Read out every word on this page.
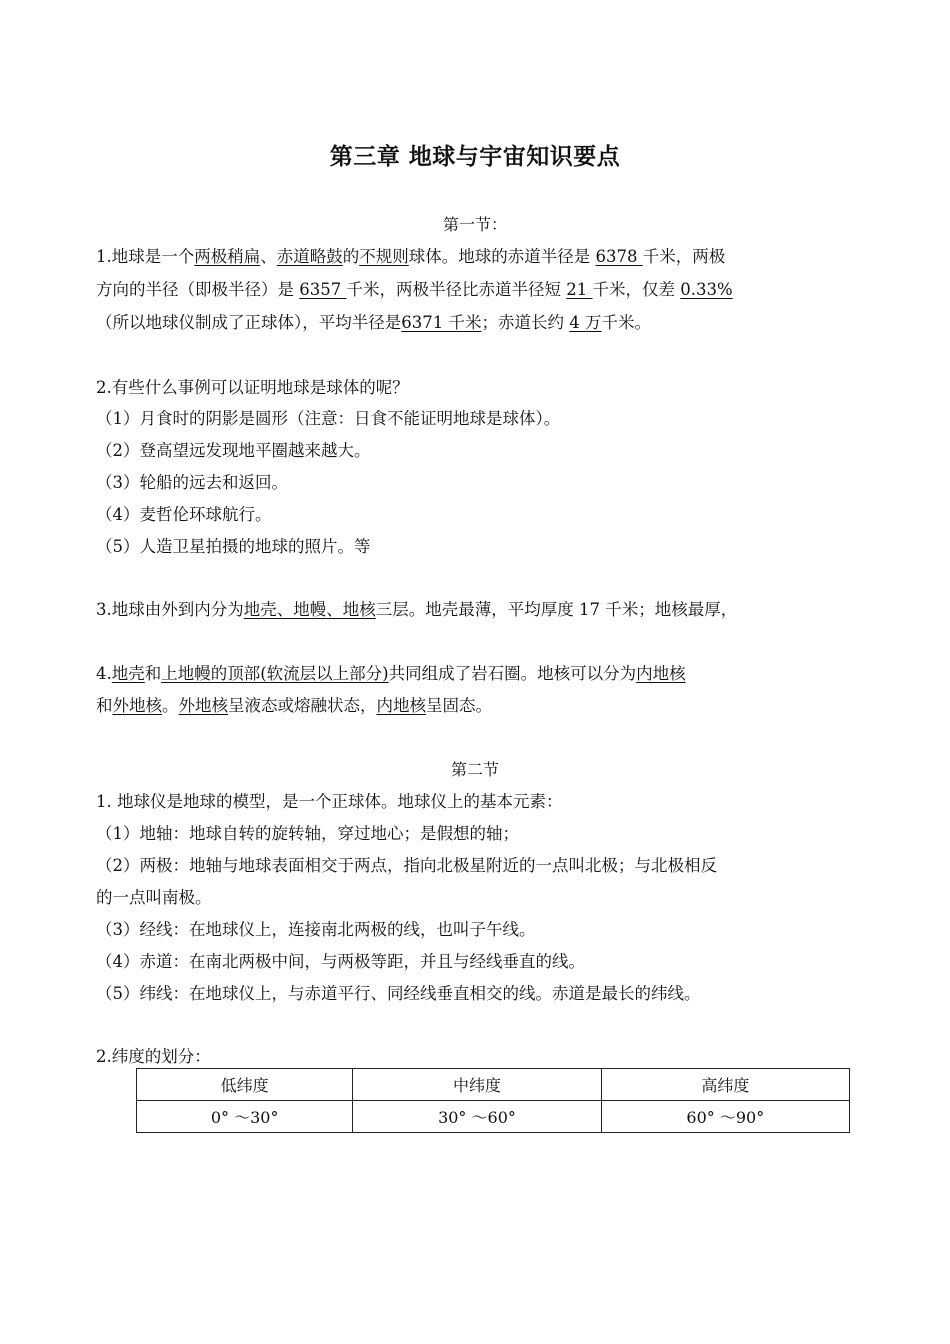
第三章 地球与宇宙知识要点
第一节：
1.地球是一个两极稍扁、赤道略鼓的不规则球体。地球的赤道半径是 6378 千米，两极
方向的半径（即极半径）是 6357 千米，两极半径比赤道半径短 21 千米，仅差 0.33%
（所以地球仪制成了正球体），平均半径是6371 千米；赤道长约 4 万千米。
2.有些什么事例可以证明地球是球体的呢？
（1）月食时的阴影是圆形（注意：日食不能证明地球是球体）。
（2）登高望远发现地平圈越来越大。
（3）轮船的远去和返回。
（4）麦哲伦环球航行。
（5）人造卫星拍摄的地球的照片。等
3.地球由外到内分为地壳、地幔、地核三层。地壳最薄，平均厚度 17 千米；地核最厚，
4.地壳和上地幔的顶部(软流层以上部分)共同组成了岩石圈。地核可以分为内地核
和外地核。外地核呈液态或熔融状态，内地核呈固态。
第二节
1. 地球仪是地球的模型，是一个正球体。地球仪上的基本元素：
（1）地轴：地球自转的旋转轴，穿过地心；是假想的轴；
（2）两极：地轴与地球表面相交于两点，指向北极星附近的一点叫北极；与北极相反
的一点叫南极。
（3）经线：在地球仪上，连接南北两极的线，也叫子午线。
（4）赤道：在南北两极中间，与两极等距，并且与经线垂直的线。
（5）纬线：在地球仪上，与赤道平行、同经线垂直相交的线。赤道是最长的纬线。
2.纬度的划分：
低纬度	中纬度	高纬度
0° ～30°	30° ～60°	60° ～90°
